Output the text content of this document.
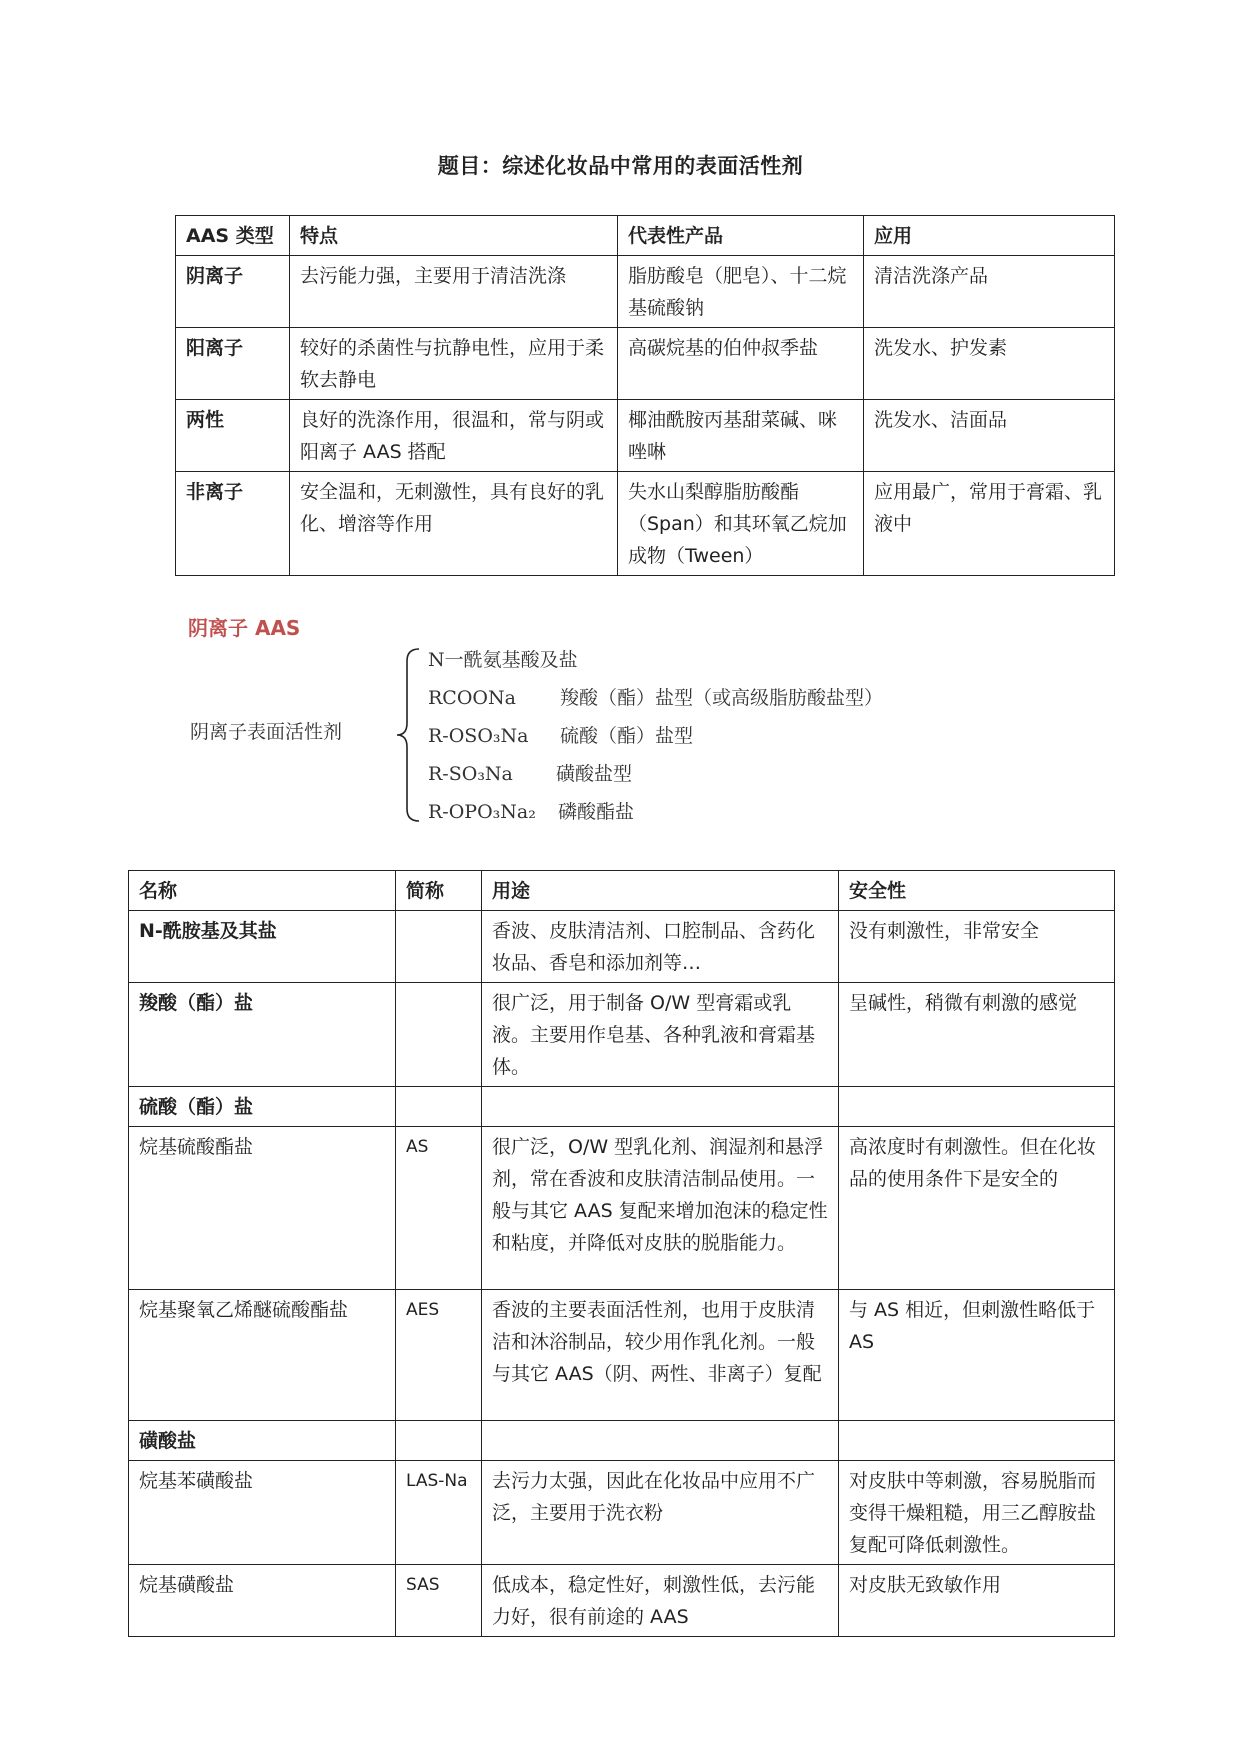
题目：综述化妆品中常用的表面活性剂
AAS 类型	特点	代表性产品	应用
阴离子	去污能力强，主要用于清洁洗涤	脂肪酸皂（肥皂）、十二烷基硫酸钠	清洁洗涤产品
阳离子	较好的杀菌性与抗静电性，应用于柔软去静电	高碳烷基的伯仲叔季盐	洗发水、护发素
两性	良好的洗涤作用，很温和，常与阴或阳离子 AAS 搭配	椰油酰胺丙基甜菜碱、咪唑啉	洗发水、洁面品
非离子	安全温和，无刺激性，具有良好的乳化、增溶等作用	失水山梨醇脂肪酸酯（Span）和其环氧乙烷加成物（Tween）	应用最广，常用于膏霜、乳液中
阴离子 AAS
阴离子表面活性剂
N一酰氨基酸及盐
RCOONa 羧酸（酯）盐型（或高级脂肪酸盐型）
R-OSO₃Na 硫酸（酯）盐型
R-SO₃Na 磺酸盐型
R-OPO₃Na₂ 磷酸酯盐
名称	简称	用途	安全性
N-酰胺基及其盐		香波、皮肤清洁剂、口腔制品、含药化妆品、香皂和添加剂等…	没有刺激性，非常安全
羧酸（酯）盐		很广泛，用于制备 O/W 型膏霜或乳液。主要用作皂基、各种乳液和膏霜基体。	呈碱性，稍微有刺激的感觉
硫酸（酯）盐			
烷基硫酸酯盐	AS	很广泛，O/W 型乳化剂、润湿剂和悬浮剂，常在香波和皮肤清洁制品使用。一般与其它 AAS 复配来增加泡沫的稳定性和粘度，并降低对皮肤的脱脂能力。	高浓度时有刺激性。但在化妆品的使用条件下是安全的
烷基聚氧乙烯醚硫酸酯盐	AES	香波的主要表面活性剂，也用于皮肤清洁和沐浴制品，较少用作乳化剂。一般与其它 AAS（阴、两性、非离子）复配	与 AS 相近，但刺激性略低于 AS
磺酸盐			
烷基苯磺酸盐	LAS-Na	去污力太强，因此在化妆品中应用不广泛，主要用于洗衣粉	对皮肤中等刺激，容易脱脂而变得干燥粗糙，用三乙醇胺盐复配可降低刺激性。
烷基磺酸盐	SAS	低成本，稳定性好，刺激性低，去污能力好，很有前途的 AAS	对皮肤无致敏作用
